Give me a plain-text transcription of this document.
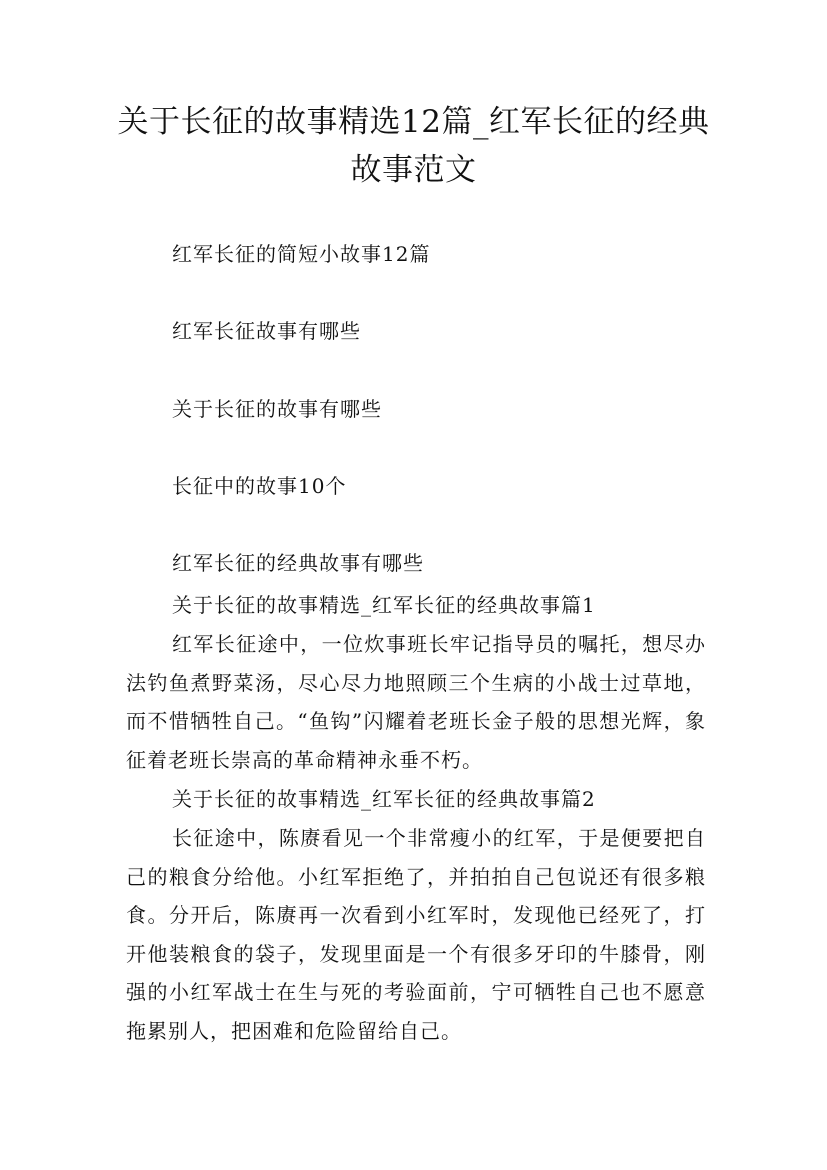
关于长征的故事精选12篇_红军长征的经典
故事范文

红军长征的简短小故事12篇

红军长征故事有哪些

关于长征的故事有哪些

长征中的故事10个

红军长征的经典故事有哪些

关于长征的故事精选_红军长征的经典故事篇1

红军长征途中，一位炊事班长牢记指导员的嘱托，想尽办法钓鱼煮野菜汤，尽心尽力地照顾三个生病的小战士过草地，而不惜牺牲自己。“鱼钩”闪耀着老班长金子般的思想光辉，象征着老班长崇高的革命精神永垂不朽。

关于长征的故事精选_红军长征的经典故事篇2

长征途中，陈赓看见一个非常瘦小的红军，于是便要把自己的粮食分给他。小红军拒绝了，并拍拍自己包说还有很多粮食。分开后，陈赓再一次看到小红军时，发现他已经死了，打开他装粮食的袋子，发现里面是一个有很多牙印的牛膝骨，刚强的小红军战士在生与死的考验面前，宁可牺牲自己也不愿意拖累别人，把困难和危险留给自己。
